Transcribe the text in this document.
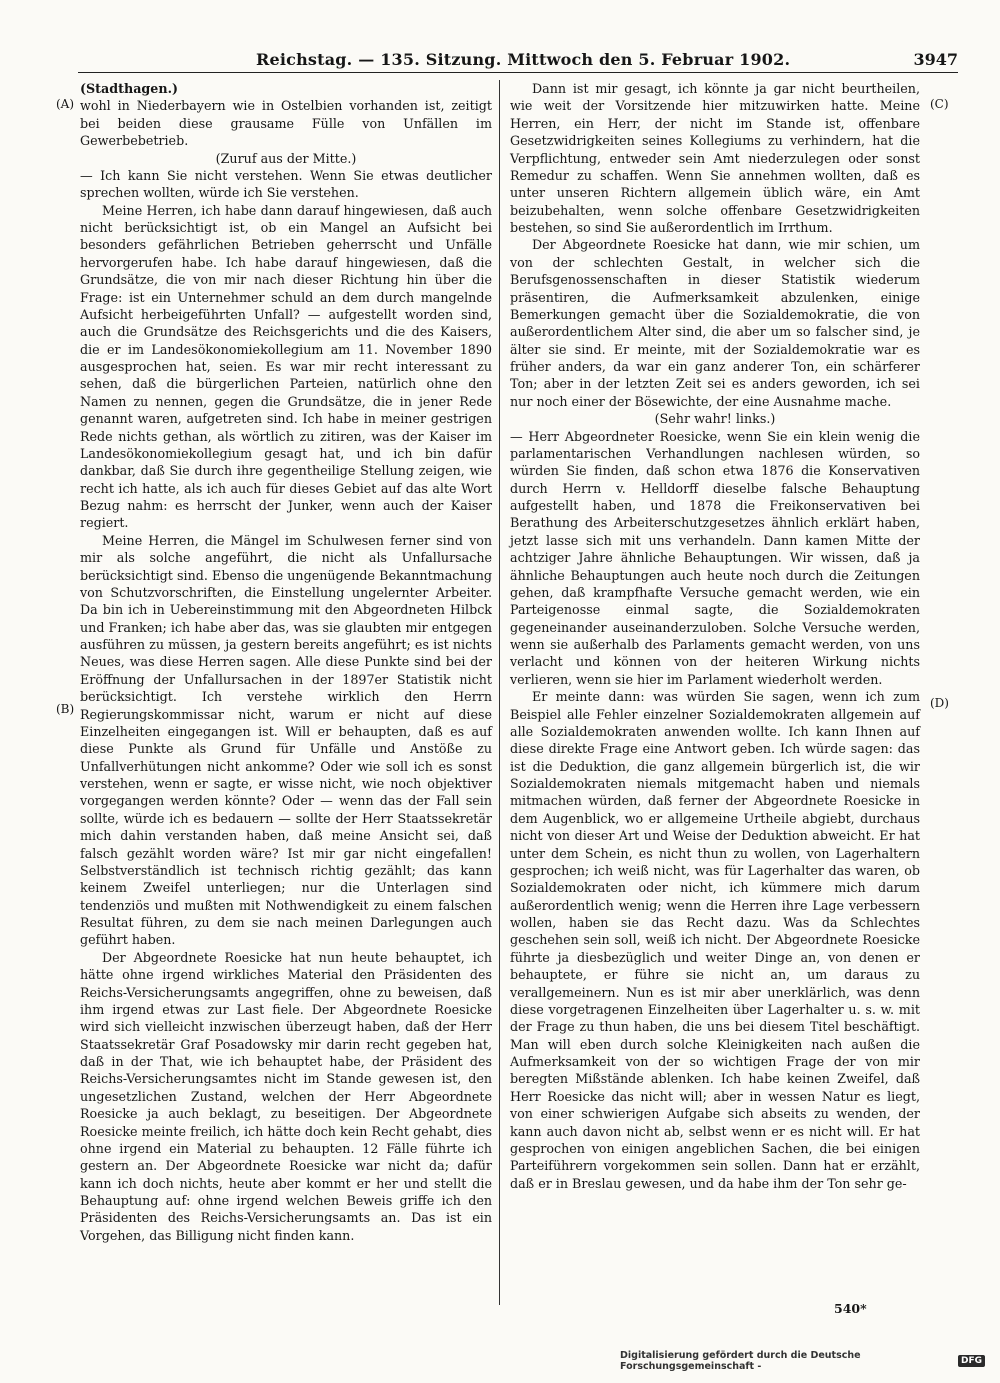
Reichstag. — 135. Sitzung. Mittwoch den 5. Februar 1902.	3947
(A)
(B)
(C)
(D)

(Stadthagen.)

wohl in Niederbayern wie in Ostelbien vorhanden ist, zeitigt bei beiden diese grausame Fülle von Unfällen im Gewerbebetrieb.

(Zuruf aus der Mitte.)

— Ich kann Sie nicht verstehen. Wenn Sie etwas deutlicher sprechen wollten, würde ich Sie verstehen.

Meine Herren, ich habe dann darauf hingewiesen, daß auch nicht berücksichtigt ist, ob ein Mangel an Aufsicht bei besonders gefährlichen Betrieben geherrscht und Unfälle hervorgerufen habe. Ich habe darauf hingewiesen, daß die Grundsätze, die von mir nach dieser Richtung hin über die Frage: ist ein Unternehmer schuld an dem durch mangelnde Aufsicht herbeigeführten Unfall? — aufgestellt worden sind, auch die Grundsätze des Reichsgerichts und die des Kaisers, die er im Landesökonomiekollegium am 11. November 1890 ausgesprochen hat, seien. Es war mir recht interessant zu sehen, daß die bürgerlichen Parteien, natürlich ohne den Namen zu nennen, gegen die Grundsätze, die in jener Rede genannt waren, aufgetreten sind. Ich habe in meiner gestrigen Rede nichts gethan, als wörtlich zu zitiren, was der Kaiser im Landesökonomiekollegium gesagt hat, und ich bin dafür dankbar, daß Sie durch ihre gegentheilige Stellung zeigen, wie recht ich hatte, als ich auch für dieses Gebiet auf das alte Wort Bezug nahm: es herrscht der Junker, wenn auch der Kaiser regiert.

Meine Herren, die Mängel im Schulwesen ferner sind von mir als solche angeführt, die nicht als Unfallursache berücksichtigt sind. Ebenso die ungenügende Bekanntmachung von Schutzvorschriften, die Einstellung ungelernter Arbeiter. Da bin ich in Uebereinstimmung mit den Abgeordneten Hilbck und Franken; ich habe aber das, was sie glaubten mir entgegen ausführen zu müssen, ja gestern bereits angeführt; es ist nichts Neues, was diese Herren sagen. Alle diese Punkte sind bei der Eröffnung der Unfallursachen in der 1897er Statistik nicht berücksichtigt. Ich verstehe wirklich den Herrn Regierungskommissar nicht, warum er nicht auf diese Einzelheiten eingegangen ist. Will er behaupten, daß es auf diese Punkte als Grund für Unfälle und Anstöße zu Unfallverhütungen nicht ankomme? Oder wie soll ich es sonst verstehen, wenn er sagte, er wisse nicht, wie noch objektiver vorgegangen werden könnte? Oder — wenn das der Fall sein sollte, würde ich es bedauern — sollte der Herr Staatssekretär mich dahin verstanden haben, daß meine Ansicht sei, daß falsch gezählt worden wäre? Ist mir gar nicht eingefallen! Selbstverständlich ist technisch richtig gezählt; das kann keinem Zweifel unterliegen; nur die Unterlagen sind tendenziös und mußten mit Nothwendigkeit zu einem falschen Resultat führen, zu dem sie nach meinen Darlegungen auch geführt haben.

Der Abgeordnete Roesicke hat nun heute behauptet, ich hätte ohne irgend wirkliches Material den Präsidenten des Reichs-Versicherungsamts angegriffen, ohne zu beweisen, daß ihm irgend etwas zur Last fiele. Der Abgeordnete Roesicke wird sich vielleicht inzwischen überzeugt haben, daß der Herr Staatssekretär Graf Posadowsky mir darin recht gegeben hat, daß in der That, wie ich behauptet habe, der Präsident des Reichs-Versicherungsamtes nicht im Stande gewesen ist, den ungesetzlichen Zustand, welchen der Herr Abgeordnete Roesicke ja auch beklagt, zu beseitigen. Der Abgeordnete Roesicke meinte freilich, ich hätte doch kein Recht gehabt, dies ohne irgend ein Material zu behaupten. 12 Fälle führte ich gestern an. Der Abgeordnete Roesicke war nicht da; dafür kann ich doch nichts, heute aber kommt er her und stellt die Behauptung auf: ohne irgend welchen Beweis griffe ich den Präsidenten des Reichs-Versicherungsamts an. Das ist ein Vorgehen, das Billigung nicht finden kann.

Dann ist mir gesagt, ich könnte ja gar nicht beurtheilen, wie weit der Vorsitzende hier mitzuwirken hatte. Meine Herren, ein Herr, der nicht im Stande ist, offenbare Gesetzwidrigkeiten seines Kollegiums zu verhindern, hat die Verpflichtung, entweder sein Amt niederzulegen oder sonst Remedur zu schaffen. Wenn Sie annehmen wollten, daß es unter unseren Richtern allgemein üblich wäre, ein Amt beizubehalten, wenn solche offenbare Gesetzwidrigkeiten bestehen, so sind Sie außerordentlich im Irrthum.

Der Abgeordnete Roesicke hat dann, wie mir schien, um von der schlechten Gestalt, in welcher sich die Berufsgenossenschaften in dieser Statistik wiederum präsentiren, die Aufmerksamkeit abzulenken, einige Bemerkungen gemacht über die Sozialdemokratie, die von außerordentlichem Alter sind, die aber um so falscher sind, je älter sie sind. Er meinte, mit der Sozialdemokratie war es früher anders, da war ein ganz anderer Ton, ein schärferer Ton; aber in der letzten Zeit sei es anders geworden, ich sei nur noch einer der Bösewichte, der eine Ausnahme mache.

(Sehr wahr! links.)

— Herr Abgeordneter Roesicke, wenn Sie ein klein wenig die parlamentarischen Verhandlungen nachlesen würden, so würden Sie finden, daß schon etwa 1876 die Konservativen durch Herrn v. Helldorff dieselbe falsche Behauptung aufgestellt haben, und 1878 die Freikonservativen bei Berathung des Arbeiterschutzgesetzes ähnlich erklärt haben, jetzt lasse sich mit uns verhandeln. Dann kamen Mitte der achtziger Jahre ähnliche Behauptungen. Wir wissen, daß ja ähnliche Behauptungen auch heute noch durch die Zeitungen gehen, daß krampfhafte Versuche gemacht werden, wie ein Parteigenosse einmal sagte, die Sozialdemokraten gegeneinander auseinanderzuloben. Solche Versuche werden, wenn sie außerhalb des Parlaments gemacht werden, von uns verlacht und können von der heiteren Wirkung nichts verlieren, wenn sie hier im Parlament wiederholt werden.

Er meinte dann: was würden Sie sagen, wenn ich zum Beispiel alle Fehler einzelner Sozialdemokraten allgemein auf alle Sozialdemokraten anwenden wollte. Ich kann Ihnen auf diese direkte Frage eine Antwort geben. Ich würde sagen: das ist die Deduktion, die ganz allgemein bürgerlich ist, die wir Sozialdemokraten niemals mitgemacht haben und niemals mitmachen würden, daß ferner der Abgeordnete Roesicke in dem Augenblick, wo er allgemeine Urtheile abgiebt, durchaus nicht von dieser Art und Weise der Deduktion abweicht. Er hat unter dem Schein, es nicht thun zu wollen, von Lagerhaltern gesprochen; ich weiß nicht, was für Lagerhalter das waren, ob Sozialdemokraten oder nicht, ich kümmere mich darum außerordentlich wenig; wenn die Herren ihre Lage verbessern wollen, haben sie das Recht dazu. Was da Schlechtes geschehen sein soll, weiß ich nicht. Der Abgeordnete Roesicke führte ja diesbezüglich und weiter Dinge an, von denen er behauptete, er führe sie nicht an, um daraus zu verallgemeinern. Nun es ist mir aber unerklärlich, was denn diese vorgetragenen Einzelheiten über Lagerhalter u. s. w. mit der Frage zu thun haben, die uns bei diesem Titel beschäftigt. Man will eben durch solche Kleinigkeiten nach außen die Aufmerksamkeit von der so wichtigen Frage der von mir beregten Mißstände ablenken. Ich habe keinen Zweifel, daß Herr Roesicke das nicht will; aber in wessen Natur es liegt, von einer schwierigen Aufgabe sich abseits zu wenden, der kann auch davon nicht ab, selbst wenn er es nicht will. Er hat gesprochen von einigen angeblichen Sachen, die bei einigen Parteiführern vorgekommen sein sollen. Dann hat er erzählt, daß er in Breslau gewesen, und da habe ihm der Ton sehr ge-

540*
Digitalisierung gefördert durch die Deutsche Forschungsgemeinschaft -	DFG
